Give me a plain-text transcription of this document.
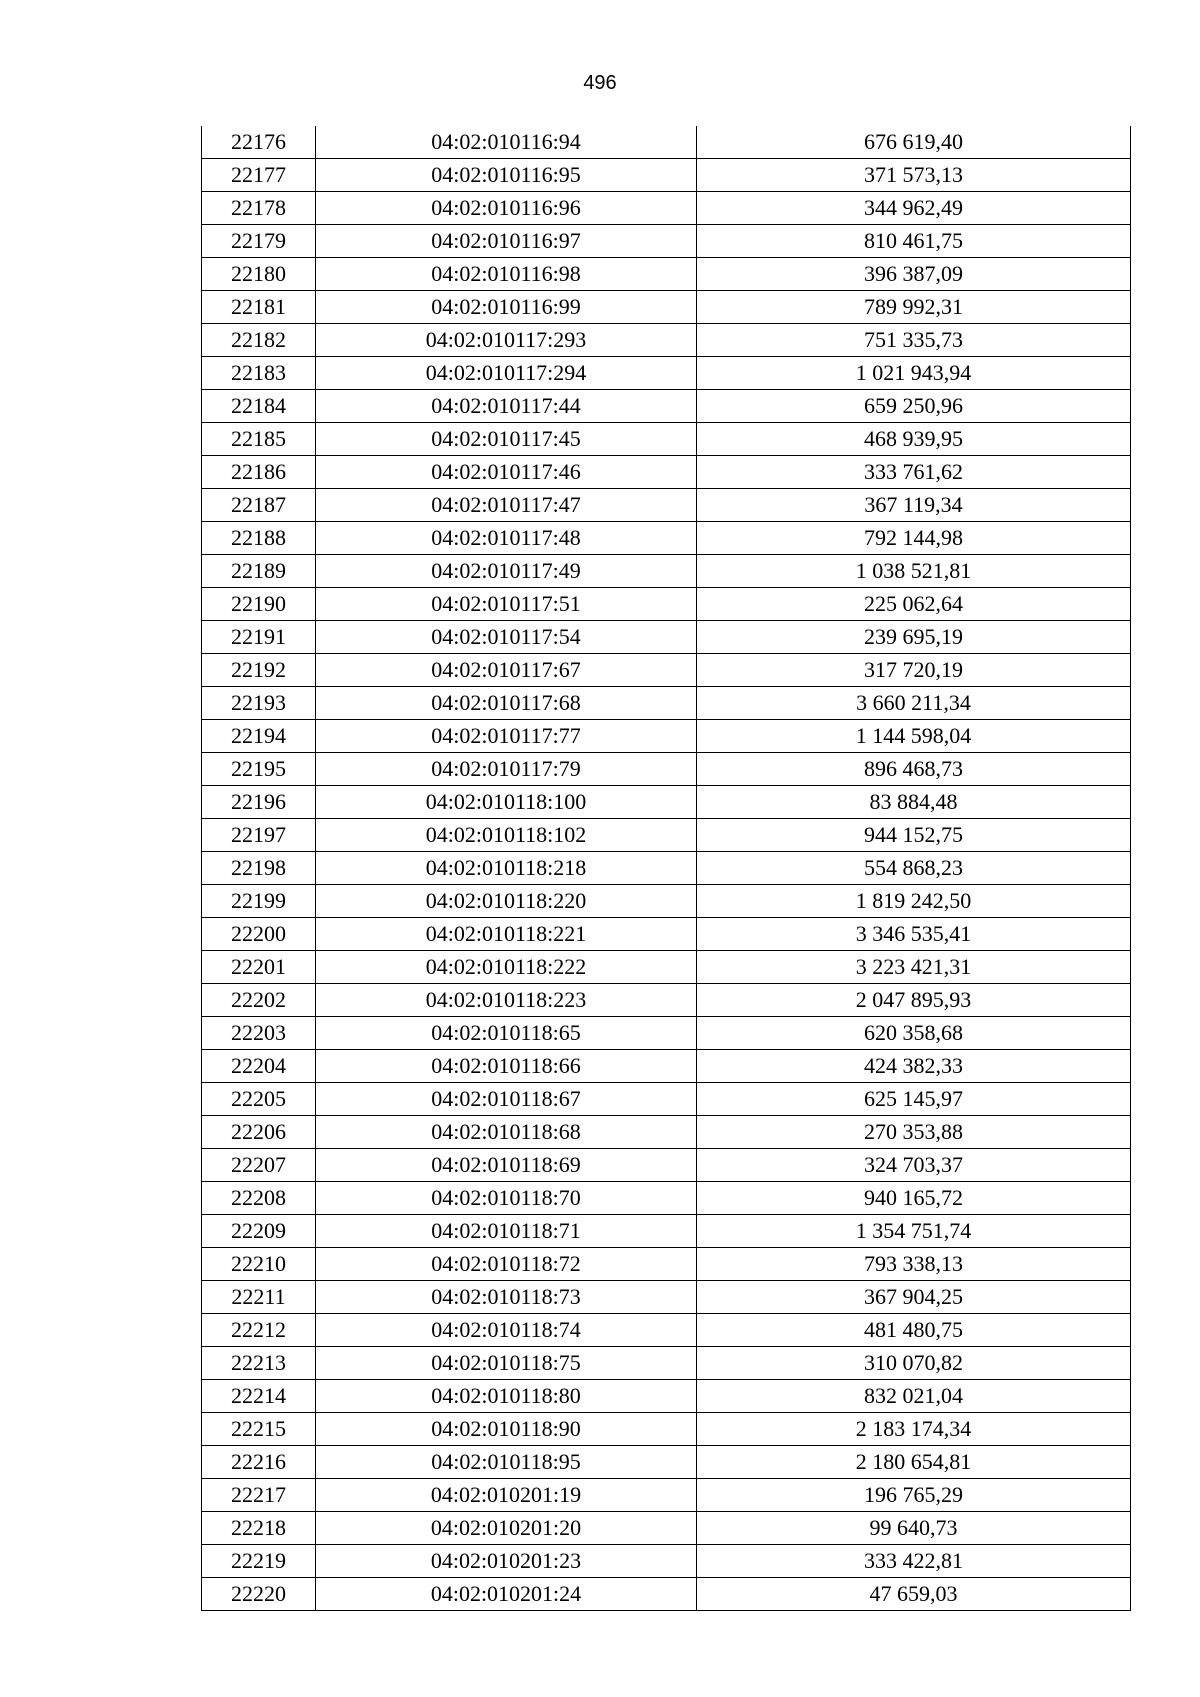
496
22176	04:02:010116:94	676 619,40
22177	04:02:010116:95	371 573,13
22178	04:02:010116:96	344 962,49
22179	04:02:010116:97	810 461,75
22180	04:02:010116:98	396 387,09
22181	04:02:010116:99	789 992,31
22182	04:02:010117:293	751 335,73
22183	04:02:010117:294	1 021 943,94
22184	04:02:010117:44	659 250,96
22185	04:02:010117:45	468 939,95
22186	04:02:010117:46	333 761,62
22187	04:02:010117:47	367 119,34
22188	04:02:010117:48	792 144,98
22189	04:02:010117:49	1 038 521,81
22190	04:02:010117:51	225 062,64
22191	04:02:010117:54	239 695,19
22192	04:02:010117:67	317 720,19
22193	04:02:010117:68	3 660 211,34
22194	04:02:010117:77	1 144 598,04
22195	04:02:010117:79	896 468,73
22196	04:02:010118:100	83 884,48
22197	04:02:010118:102	944 152,75
22198	04:02:010118:218	554 868,23
22199	04:02:010118:220	1 819 242,50
22200	04:02:010118:221	3 346 535,41
22201	04:02:010118:222	3 223 421,31
22202	04:02:010118:223	2 047 895,93
22203	04:02:010118:65	620 358,68
22204	04:02:010118:66	424 382,33
22205	04:02:010118:67	625 145,97
22206	04:02:010118:68	270 353,88
22207	04:02:010118:69	324 703,37
22208	04:02:010118:70	940 165,72
22209	04:02:010118:71	1 354 751,74
22210	04:02:010118:72	793 338,13
22211	04:02:010118:73	367 904,25
22212	04:02:010118:74	481 480,75
22213	04:02:010118:75	310 070,82
22214	04:02:010118:80	832 021,04
22215	04:02:010118:90	2 183 174,34
22216	04:02:010118:95	2 180 654,81
22217	04:02:010201:19	196 765,29
22218	04:02:010201:20	99 640,73
22219	04:02:010201:23	333 422,81
22220	04:02:010201:24	47 659,03
